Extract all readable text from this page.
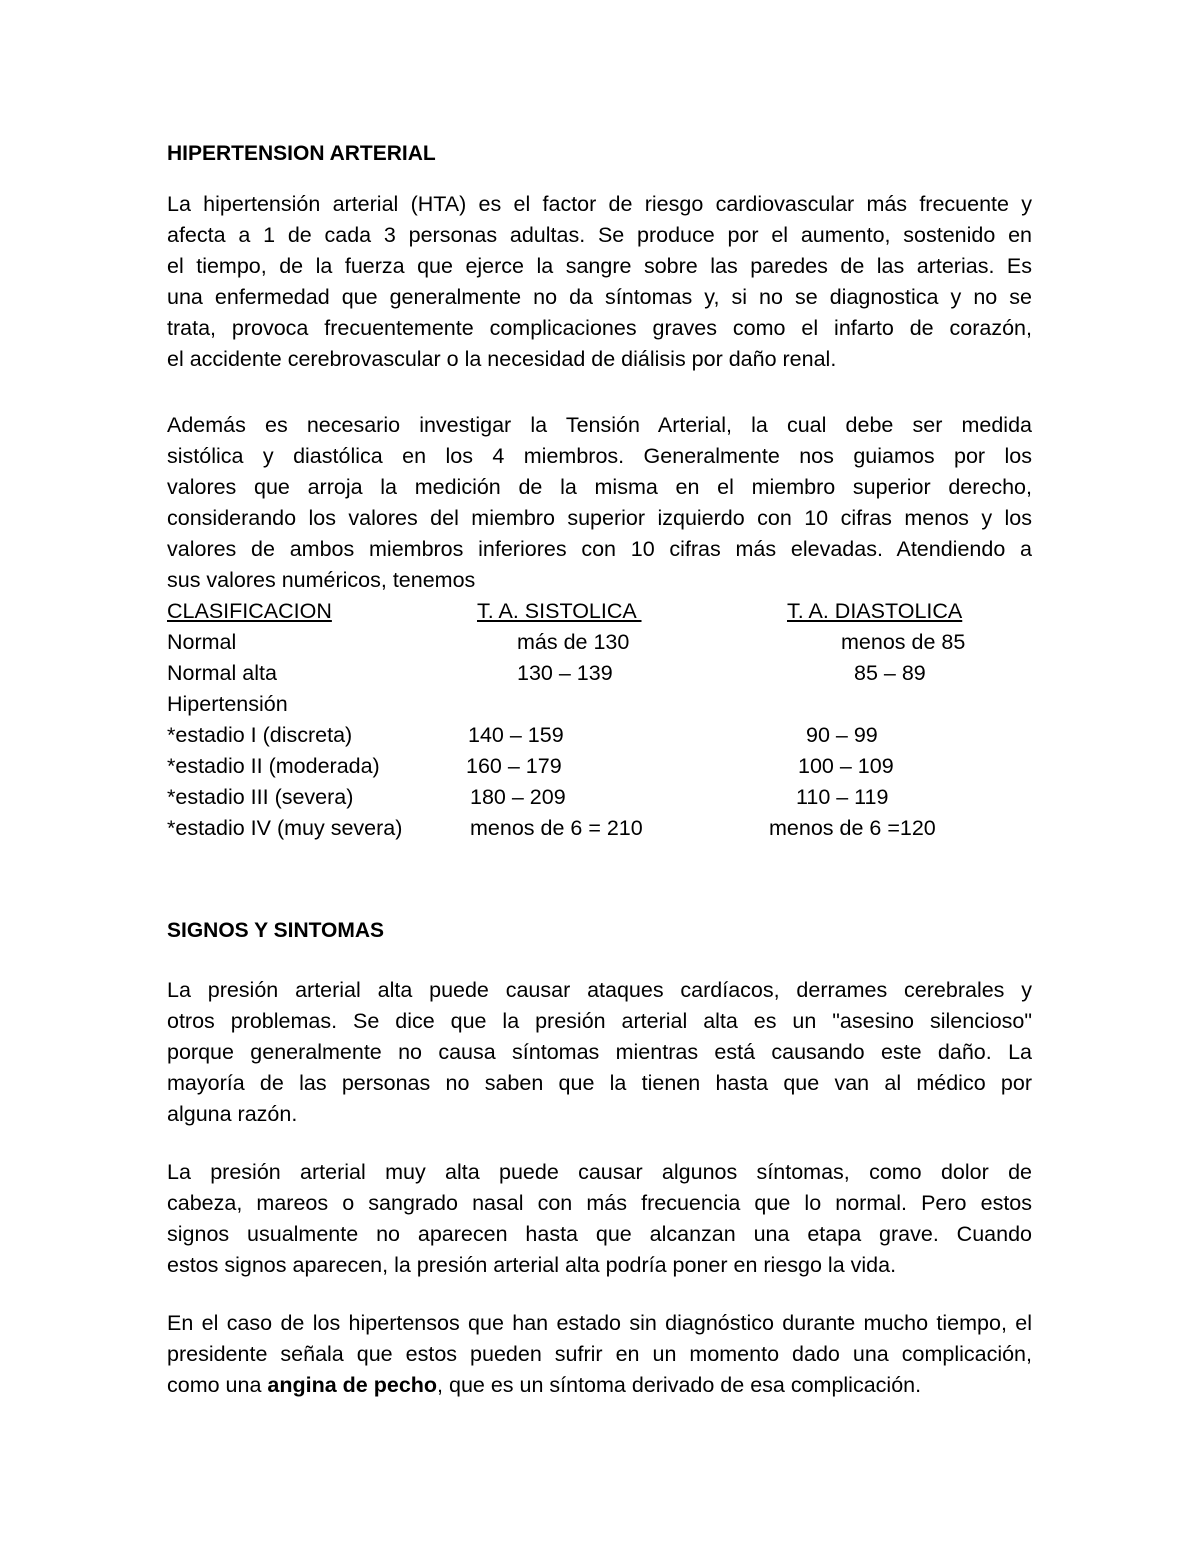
HIPERTENSION ARTERIAL
La hipertensión arterial (HTA) es el factor de riesgo cardiovascular más frecuente y
afecta a 1 de cada 3 personas adultas. Se produce por el aumento, sostenido en
el tiempo, de la fuerza que ejerce la sangre sobre las paredes de las arterias. Es
una enfermedad que generalmente no da síntomas y, si no se diagnostica y no se
trata, provoca frecuentemente complicaciones graves como el infarto de corazón,
el accidente cerebrovascular o la necesidad de diálisis por daño renal.
Además es necesario investigar la Tensión Arterial, la cual debe ser medida
sistólica y diastólica en los 4 miembros. Generalmente nos guiamos por los
valores que arroja la medición de la misma en el miembro superior derecho,
considerando los valores del miembro superior izquierdo con 10 cifras menos y los
valores de ambos miembros inferiores con 10 cifras más elevadas. Atendiendo a
sus valores numéricos, tenemos
CLASIFICACION	T. A. SISTOLICA	T. A. DIASTOLICA
Normal	más de 130	menos de 85
Normal alta	130 – 139	85 – 89
Hipertensión
*estadio I (discreta)	140 – 159	90 – 99
*estadio II (moderada)	160 – 179	100 – 109
*estadio III (severa)	180 – 209	110 – 119
*estadio IV (muy severa)	menos de 6 = 210	menos de 6 =120
SIGNOS Y SINTOMAS
La presión arterial alta puede causar ataques cardíacos, derrames cerebrales y
otros problemas. Se dice que la presión arterial alta es un "asesino silencioso"
porque generalmente no causa síntomas mientras está causando este daño. La
mayoría de las personas no saben que la tienen hasta que van al médico por
alguna razón.
La presión arterial muy alta puede causar algunos síntomas, como dolor de
cabeza, mareos o sangrado nasal con más frecuencia que lo normal. Pero estos
signos usualmente no aparecen hasta que alcanzan una etapa grave. Cuando
estos signos aparecen, la presión arterial alta podría poner en riesgo la vida.
En el caso de los hipertensos que han estado sin diagnóstico durante mucho tiempo, el
presidente señala que estos pueden sufrir en un momento dado una complicación,
como una angina de pecho, que es un síntoma derivado de esa complicación.
